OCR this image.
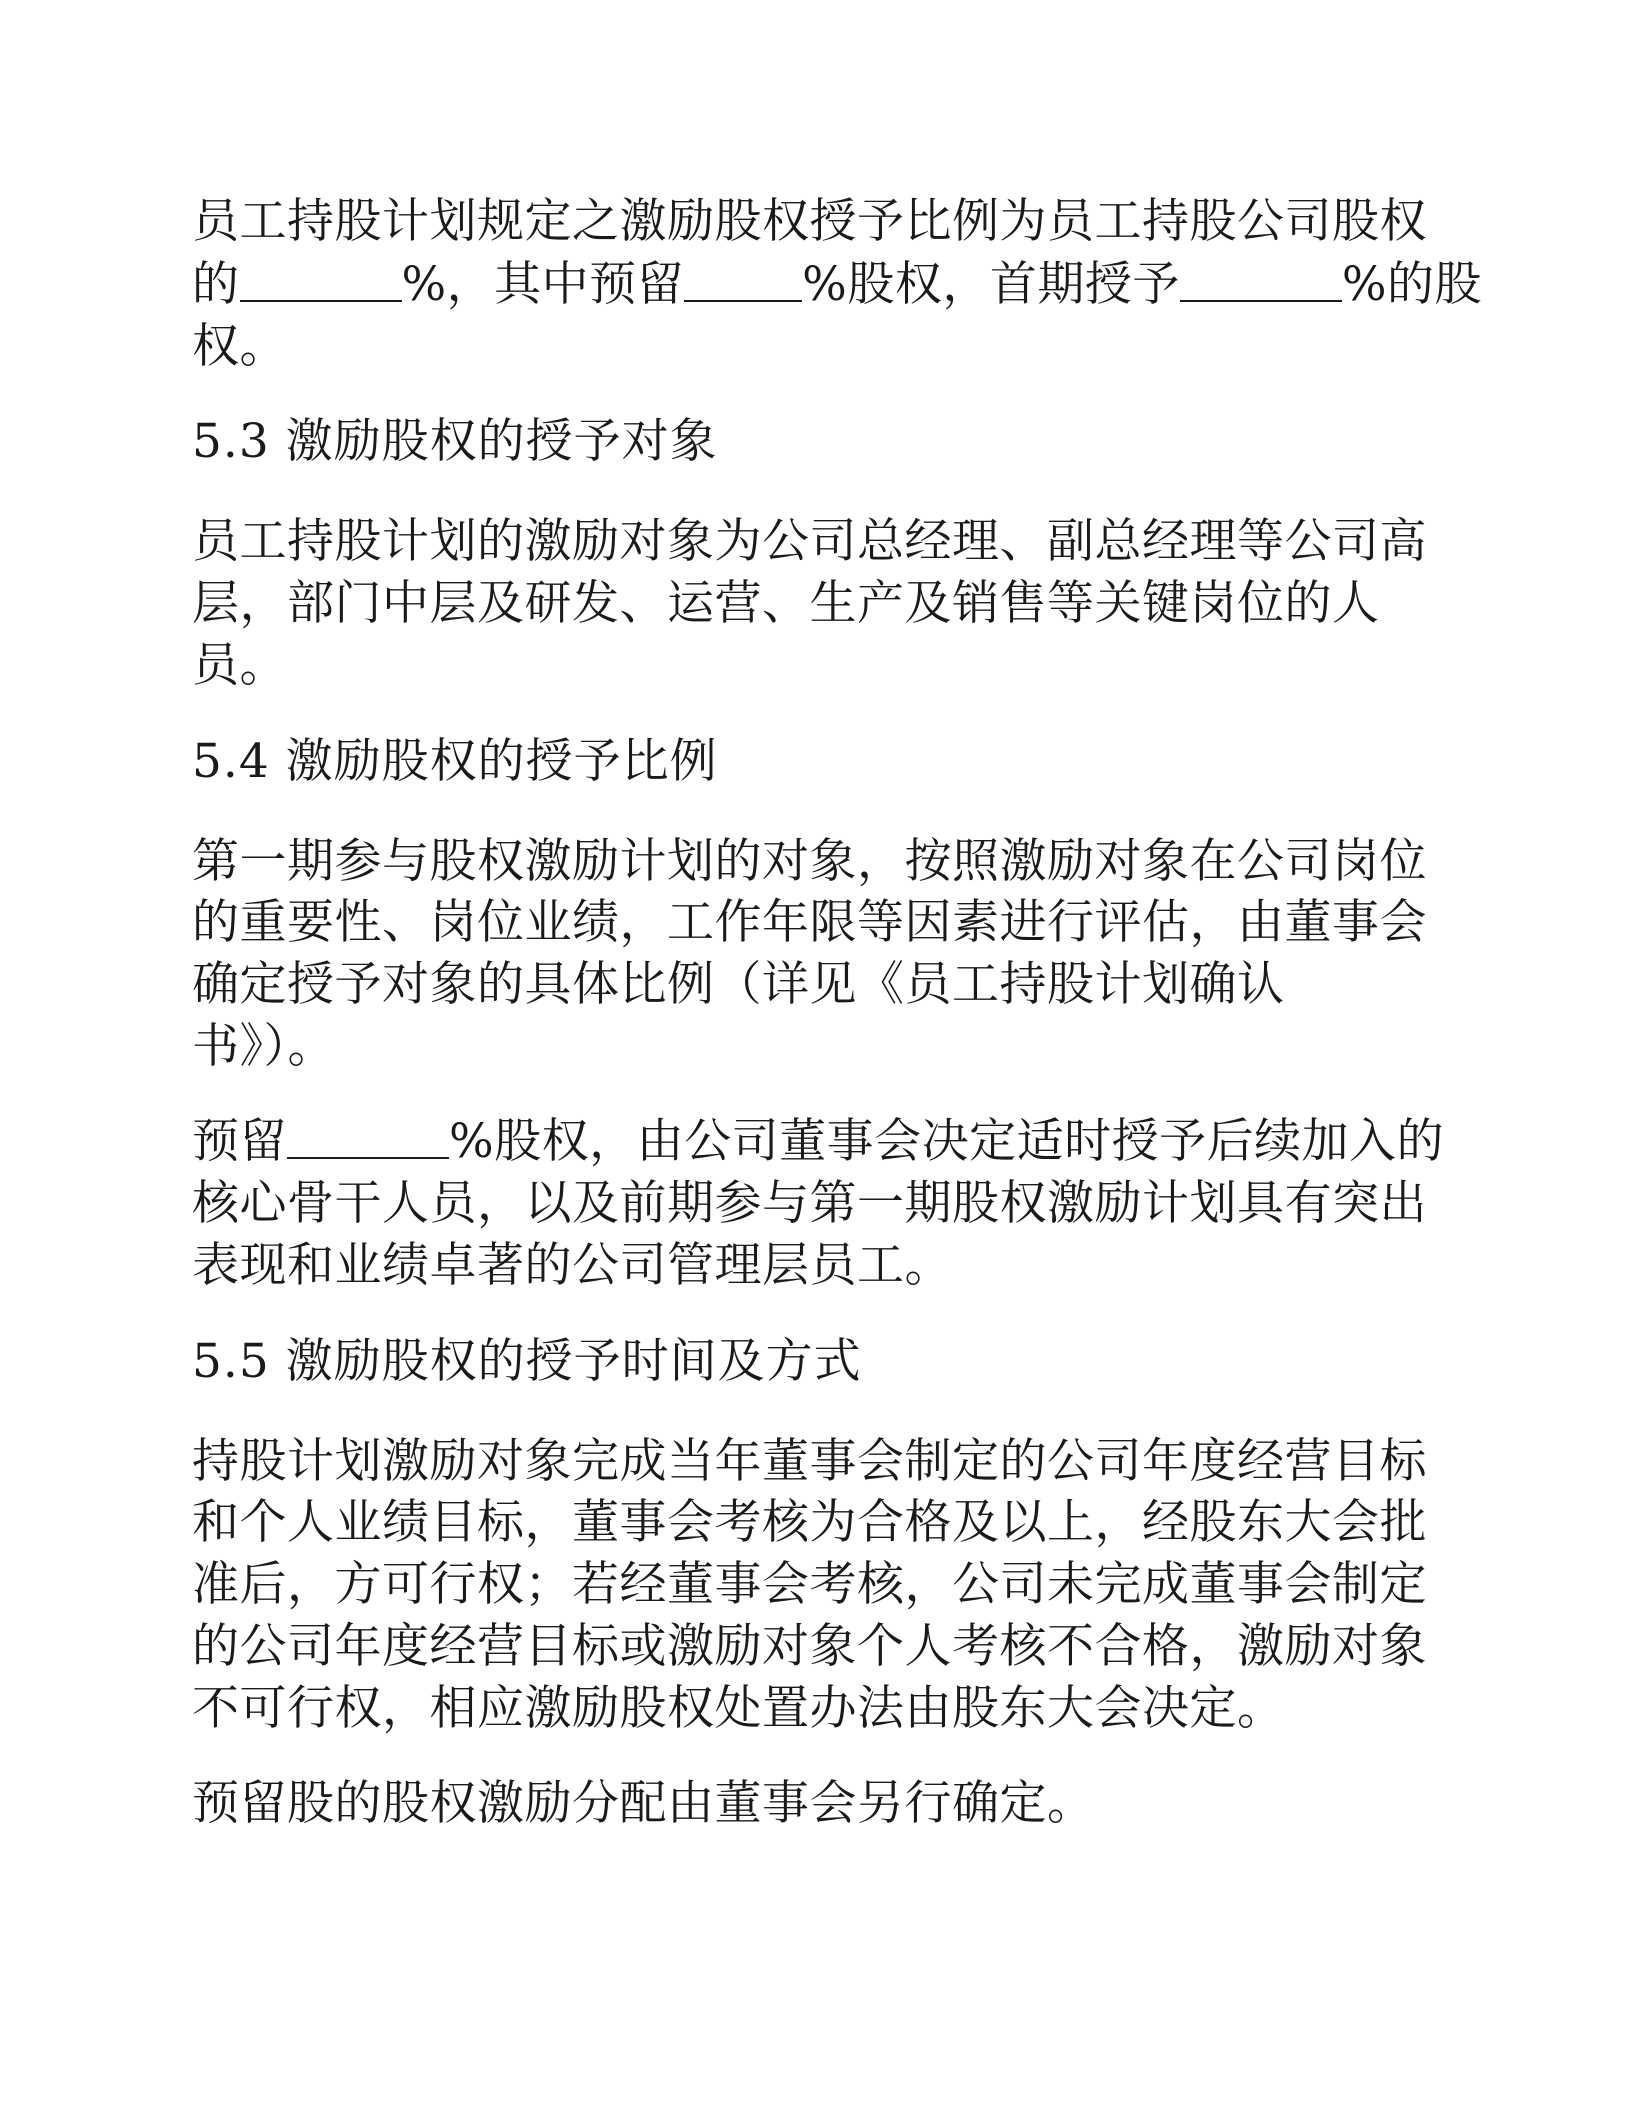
员工持股计划规定之激励股权授予比例为员工持股公司股权

的	%，其中预留	%股权，首期授予	%的股

权。

5.3 激励股权的授予对象

员工持股计划的激励对象为公司总经理、副总经理等公司高

层，部门中层及研发、运营、生产及销售等关键岗位的人

员。

5.4 激励股权的授予比例

第一期参与股权激励计划的对象，按照激励对象在公司岗位

的重要性、岗位业绩，工作年限等因素进行评估，由董事会

确定授予对象的具体比例（详见《员工持股计划确认

书》）。

预留	%股权，由公司董事会决定适时授予后续加入的

核心骨干人员，以及前期参与第一期股权激励计划具有突出

表现和业绩卓著的公司管理层员工。

5.5 激励股权的授予时间及方式

持股计划激励对象完成当年董事会制定的公司年度经营目标

和个人业绩目标，董事会考核为合格及以上，经股东大会批

准后，方可行权；若经董事会考核，公司未完成董事会制定

的公司年度经营目标或激励对象个人考核不合格，激励对象

不可行权，相应激励股权处置办法由股东大会决定。

预留股的股权激励分配由董事会另行确定。
